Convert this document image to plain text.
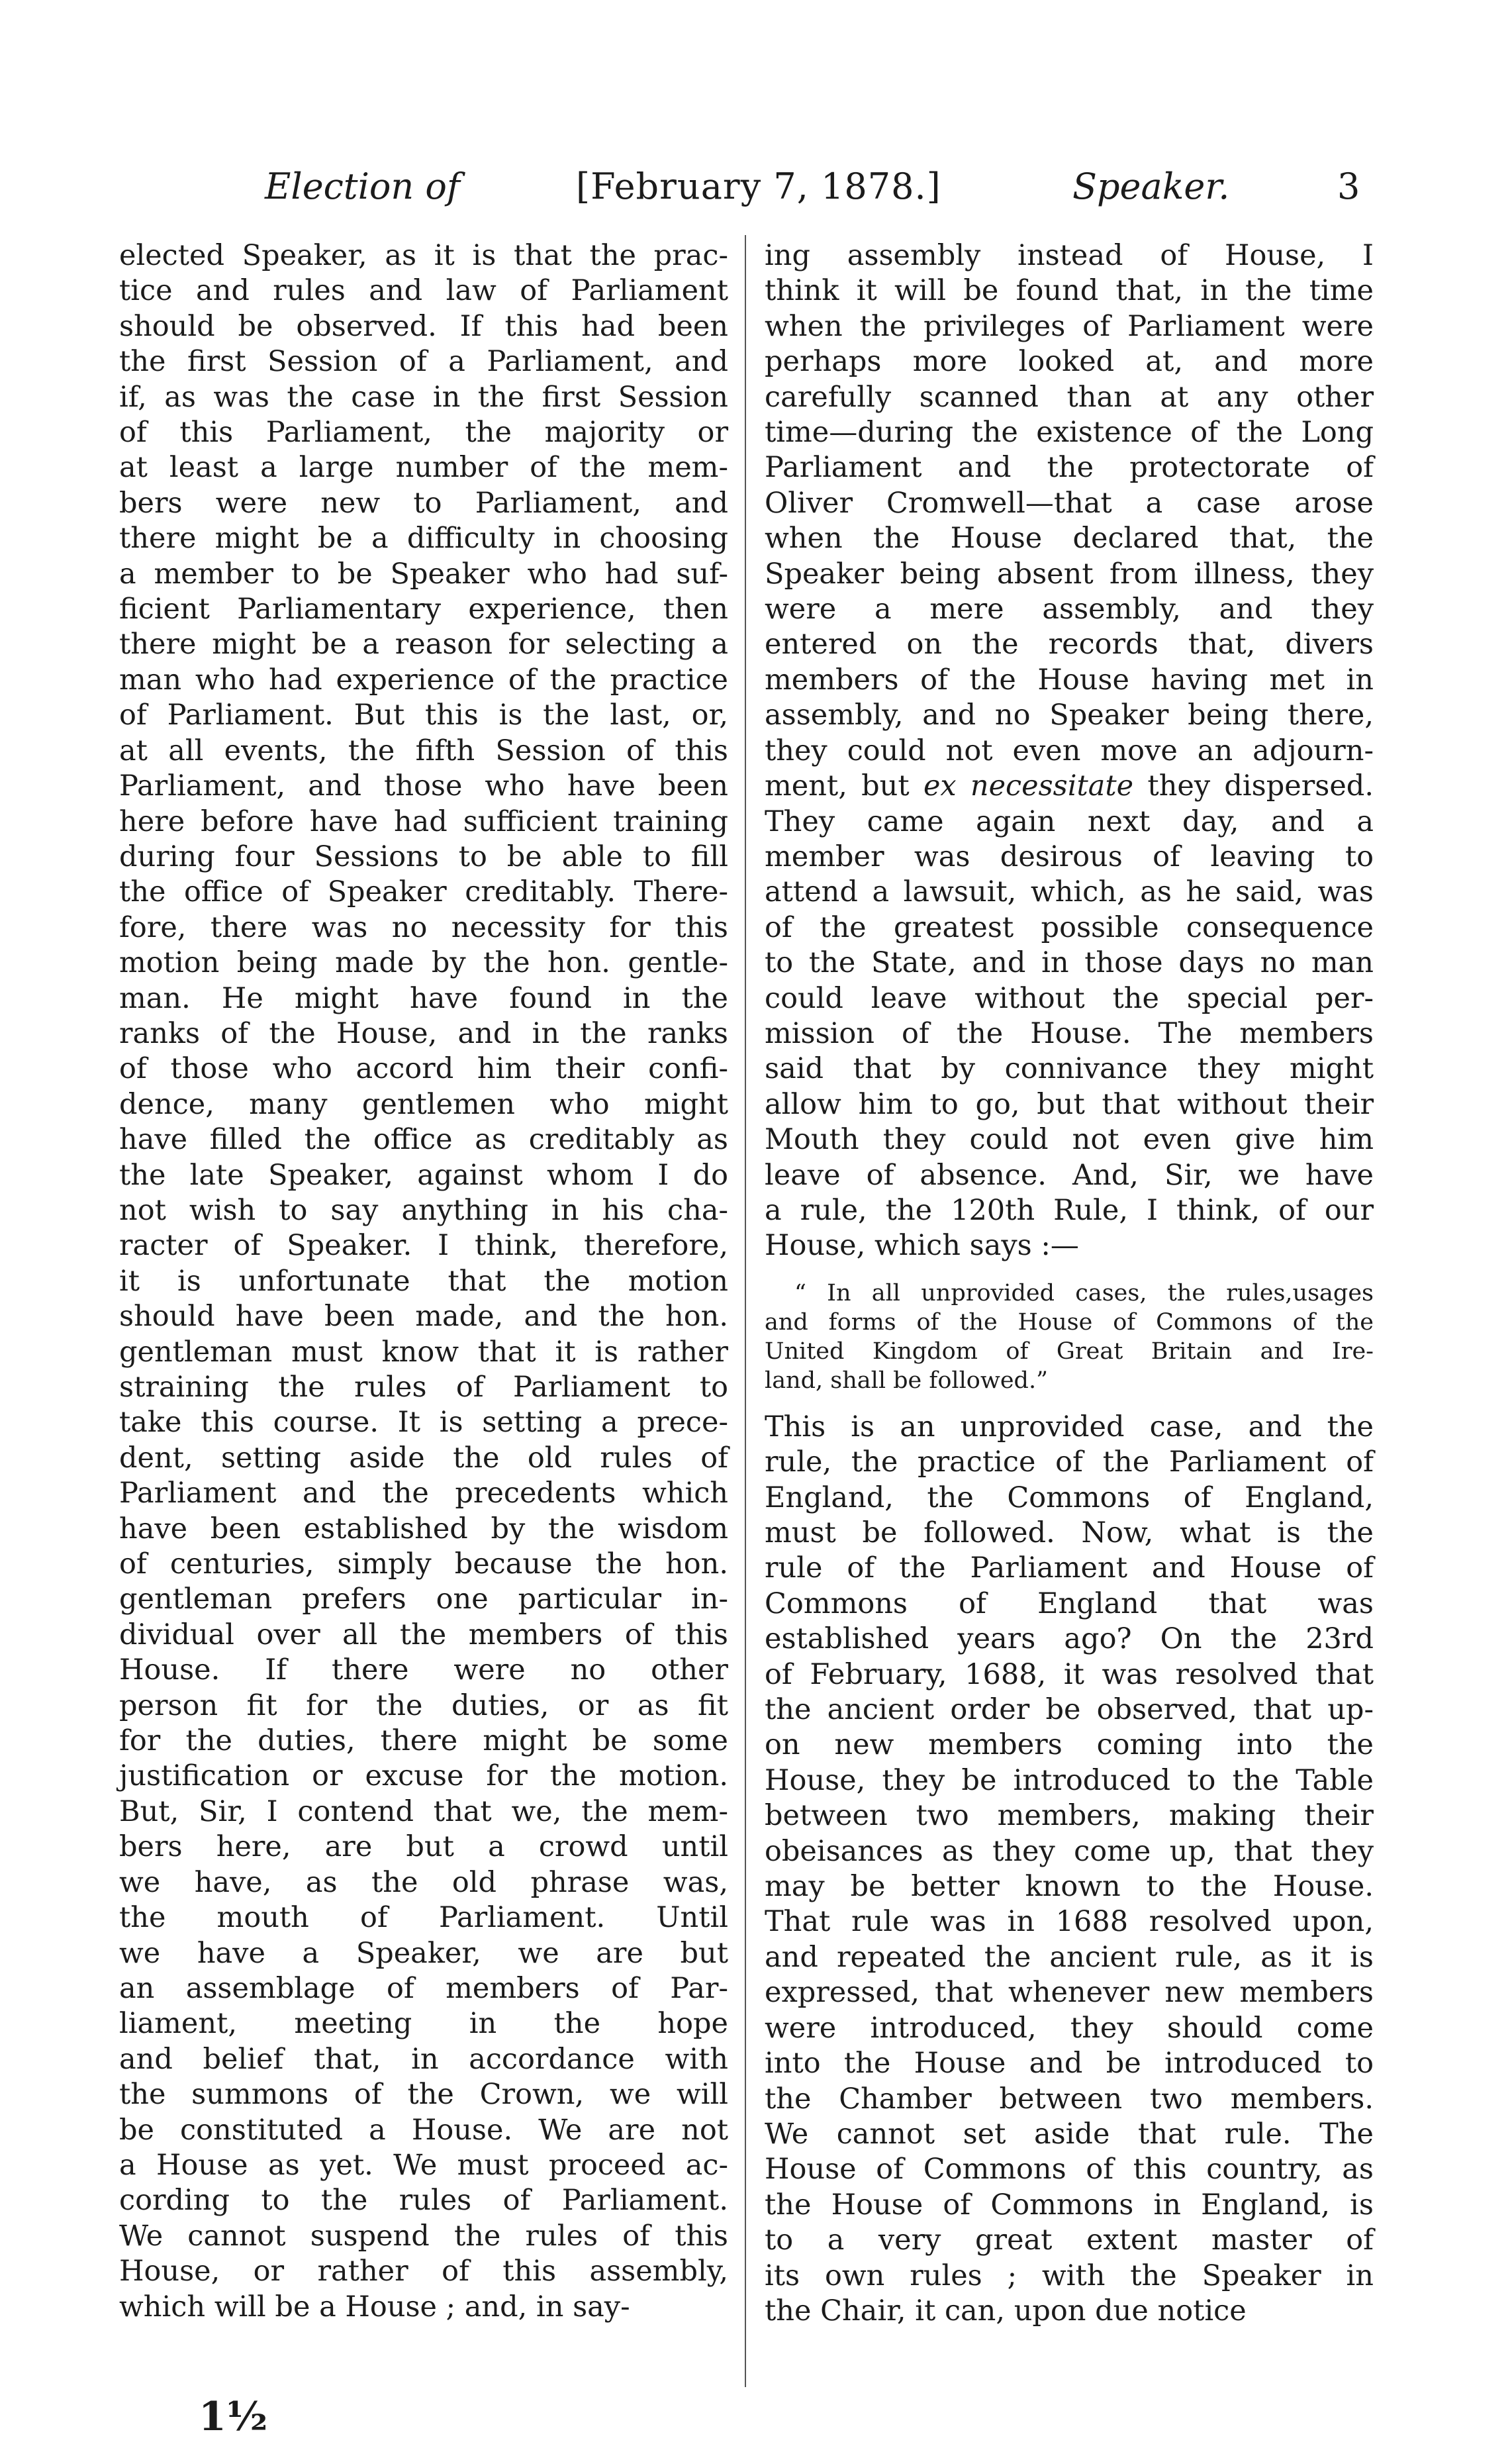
Election of	[February 7, 1878.]	Speaker.	3
elected Speaker, as it is that the prac-
tice and rules and law of Parliament
should be observed. If this had been
the first Session of a Parliament, and
if, as was the case in the first Session
of this Parliament, the majority or
at least a large number of the mem-
bers were new to Parliament, and
there might be a difficulty in choosing
a member to be Speaker who had suf-
ficient Parliamentary experience, then
there might be a reason for selecting a
man who had experience of the practice
of Parliament. But this is the last, or,
at all events, the fifth Session of this
Parliament, and those who have been
here before have had sufficient training
during four Sessions to be able to fill
the office of Speaker creditably. There-
fore, there was no necessity for this
motion being made by the hon. gentle-
man. He might have found in the
ranks of the House, and in the ranks
of those who accord him their confi-
dence, many gentlemen who might
have filled the office as creditably as
the late Speaker, against whom I do
not wish to say anything in his cha-
racter of Speaker. I think, therefore,
it is unfortunate that the motion
should have been made, and the hon.
gentleman must know that it is rather
straining the rules of Parliament to
take this course. It is setting a prece-
dent, setting aside the old rules of
Parliament and the precedents which
have been established by the wisdom
of centuries, simply because the hon.
gentleman prefers one particular in-
dividual over all the members of this
House. If there were no other
person fit for the duties, or as fit
for the duties, there might be some
justification or excuse for the motion.
But, Sir, I contend that we, the mem-
bers here, are but a crowd until
we have, as the old phrase was,
the mouth of Parliament. Until
we have a Speaker, we are but
an assemblage of members of Par-
liament, meeting in the hope
and belief that, in accordance with
the summons of the Crown, we will
be constituted a House. We are not
a House as yet. We must proceed ac-
cording to the rules of Parliament.
We cannot suspend the rules of this
House, or rather of this assembly,
which will be a House ; and, in say-
ing assembly instead of House, I
think it will be found that, in the time
when the privileges of Parliament were
perhaps more looked at, and more
carefully scanned than at any other
time—during the existence of the Long
Parliament and the protectorate of
Oliver Cromwell—that a case arose
when the House declared that, the
Speaker being absent from illness, they
were a mere assembly, and they
entered on the records that, divers
members of the House having met in
assembly, and no Speaker being there,
they could not even move an adjourn-
ment, but ex necessitate they dispersed.
They came again next day, and a
member was desirous of leaving to
attend a lawsuit, which, as he said, was
of the greatest possible consequence
to the State, and in those days no man
could leave without the special per-
mission of the House. The members
said that by connivance they might
allow him to go, but that without their
Mouth they could not even give him
leave of absence. And, Sir, we have
a rule, the 120th Rule, I think, of our
House, which says :—
“ In all unprovided cases, the rules,usages
and forms of the House of Commons of the
United Kingdom of Great Britain and Ire-
land, shall be followed.”
This is an unprovided case, and the
rule, the practice of the Parliament of
England, the Commons of England,
must be followed. Now, what is the
rule of the Parliament and House of
Commons of England that was
established years ago? On the 23rd
of February, 1688, it was resolved that
the ancient order be observed, that up-
on new members coming into the
House, they be introduced to the Table
between two members, making their
obeisances as they come up, that they
may be better known to the House.
That rule was in 1688 resolved upon,
and repeated the ancient rule, as it is
expressed, that whenever new members
were introduced, they should come
into the House and be introduced to
the Chamber between two members.
We cannot set aside that rule. The
House of Commons of this country, as
the House of Commons in England, is
to a very great extent master of
its own rules ; with the Speaker in
the Chair, it can, upon due notice
1½
